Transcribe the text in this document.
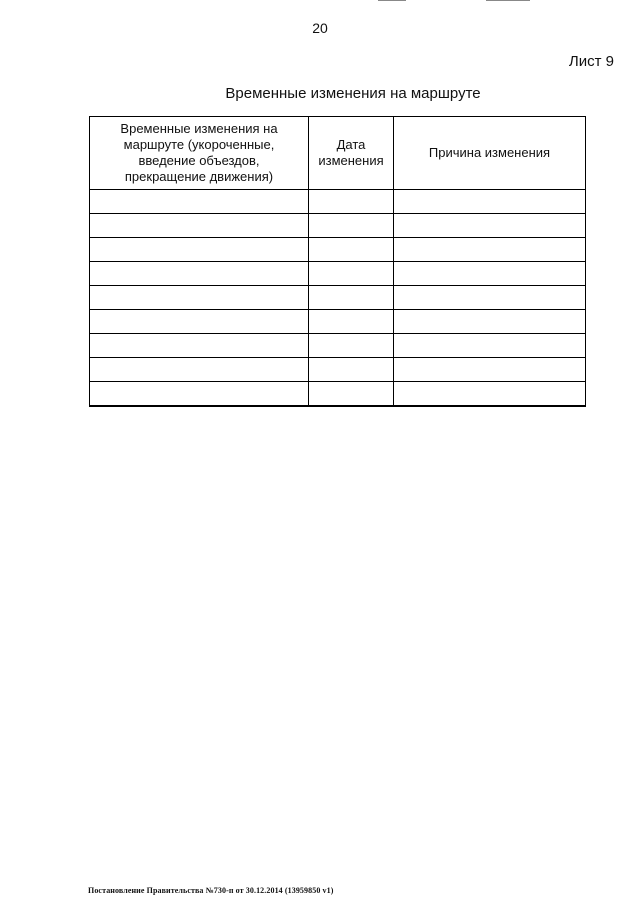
20
Лист 9
Временные изменения на маршруте
Временные изменения на маршруте (укороченные, введение объездов, прекращение движения)	Дата изменения	Причина изменения

Постановление Правительства №730-п от 30.12.2014 (13959850 v1)
